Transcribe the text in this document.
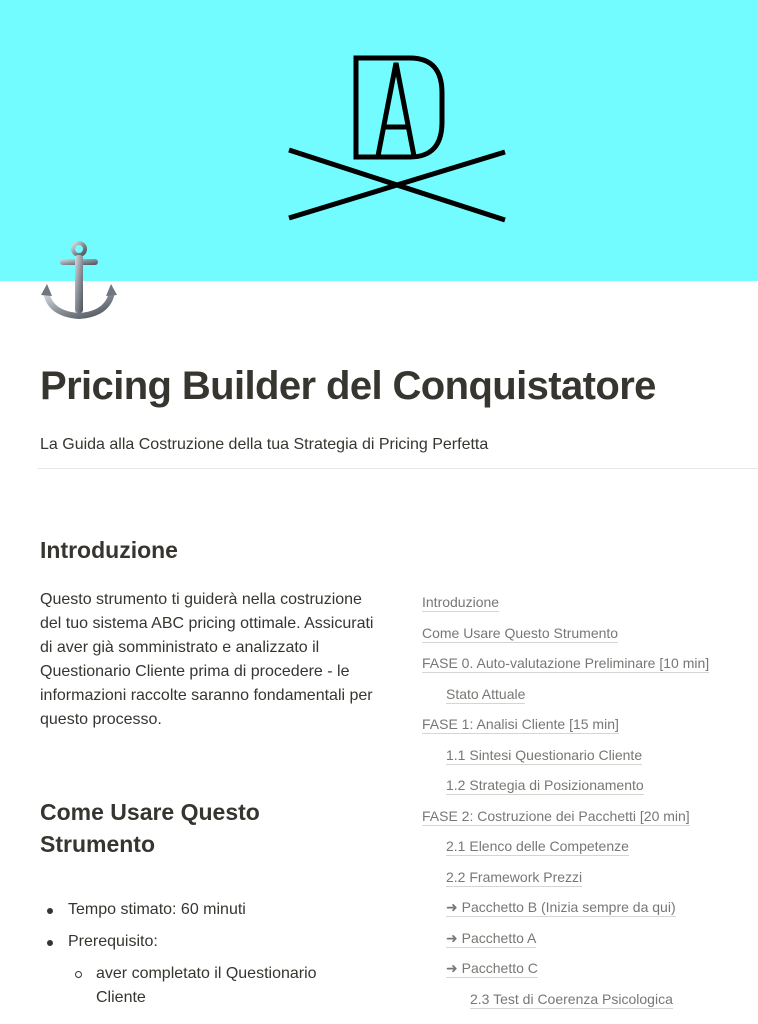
Pricing Builder del Conquistatore

La Guida alla Costruzione della tua Strategia di Pricing Perfetta

Introduzione

Questo strumento ti guiderà nella costruzione del tuo sistema ABC pricing ottimale. Assicurati di aver già somministrato e analizzato il Questionario Cliente prima di procedere - le informazioni raccolte saranno fondamentali per questo processo.

Come Usare Questo Strumento
Tempo stimato: 60 minuti
Prerequisito:
aver completato il Questionario Cliente
Introduzione
Come Usare Questo Strumento
FASE 0. Auto-valutazione Preliminare [10 min]
Stato Attuale
FASE 1: Analisi Cliente [15 min]
1.1 Sintesi Questionario Cliente
1.2 Strategia di Posizionamento
FASE 2: Costruzione dei Pacchetti [20 min]
2.1 Elenco delle Competenze
2.2 Framework Prezzi
➜ Pacchetto B (Inizia sempre da qui)
➜ Pacchetto A
➜ Pacchetto C
2.3 Test di Coerenza Psicologica
